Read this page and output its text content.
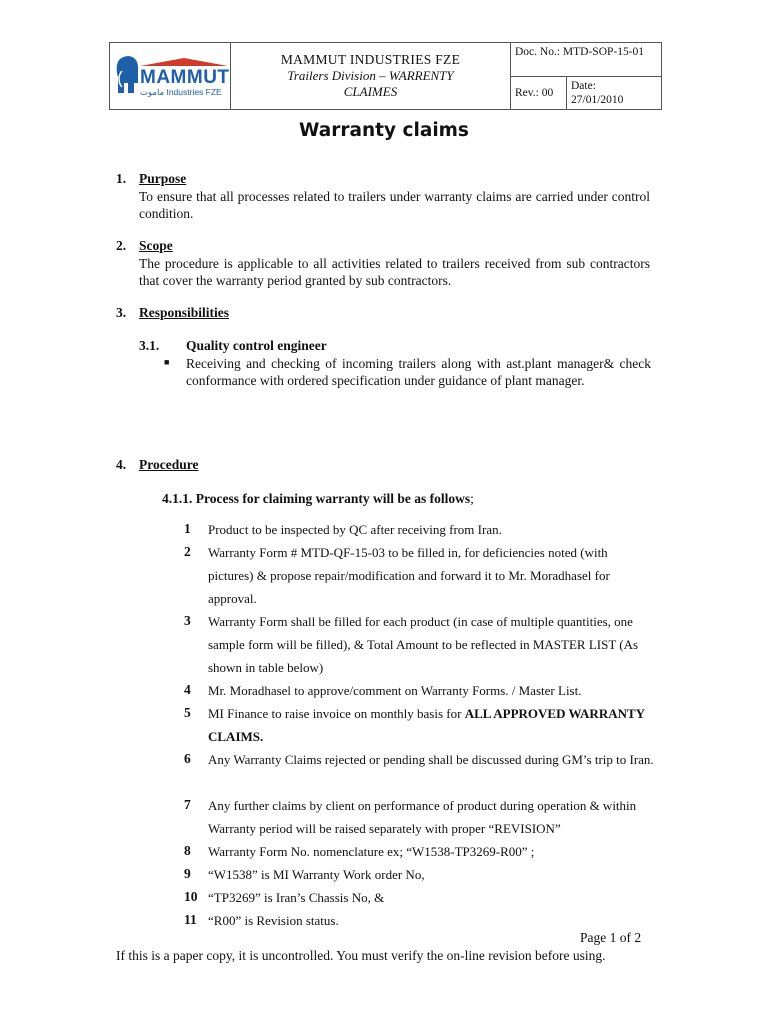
MAMMUT
ماموت Industries FZE

MAMMUT INDUSTRIES FZE
Trailers Division – WARRENTY
CLAIMES

Doc. No.: MTD-SOP-15-01
Rev.: 00	
Date:
27/01/2010
Warranty claims
1. Purpose
To ensure that all processes related to trailers under warranty claims are carried under control condition.
2. Scope
The procedure is applicable to all activities related to trailers received from sub contractors that cover the warranty period granted by sub contractors.
3. Responsibilities
3.1. Quality control engineer
■ Receiving and checking of incoming trailers along with ast.plant manager& check conformance with ordered specification under guidance of plant manager.
4. Procedure
4.1.1. Process for claiming warranty will be as follows;
1	Product to be inspected by QC after receiving from Iran.
2	Warranty Form # MTD-QF-15-03 to be filled in, for deficiencies noted (with pictures) & propose repair/modification and forward it to Mr. Moradhasel for approval.
3	Warranty Form shall be filled for each product (in case of multiple quantities, one sample form will be filled), & Total Amount to be reflected in MASTER LIST (As shown in table below)
4	Mr. Moradhasel to approve/comment on Warranty Forms. / Master List.
5	MI Finance to raise invoice on monthly basis for ALL APPROVED WARRANTY CLAIMS.
6	Any Warranty Claims rejected or pending shall be discussed during GM’s trip to Iran.
7	Any further claims by client on performance of product during operation & within Warranty period will be raised separately with proper “REVISION”
8	Warranty Form No. nomenclature ex; “W1538-TP3269-R00” ;
9	“W1538” is MI Warranty Work order No,
10 “TP3269” is Iran’s Chassis No, &
11 “R00” is Revision status.
Page 1 of 2
If this is a paper copy, it is uncontrolled. You must verify the on-line revision before using.
